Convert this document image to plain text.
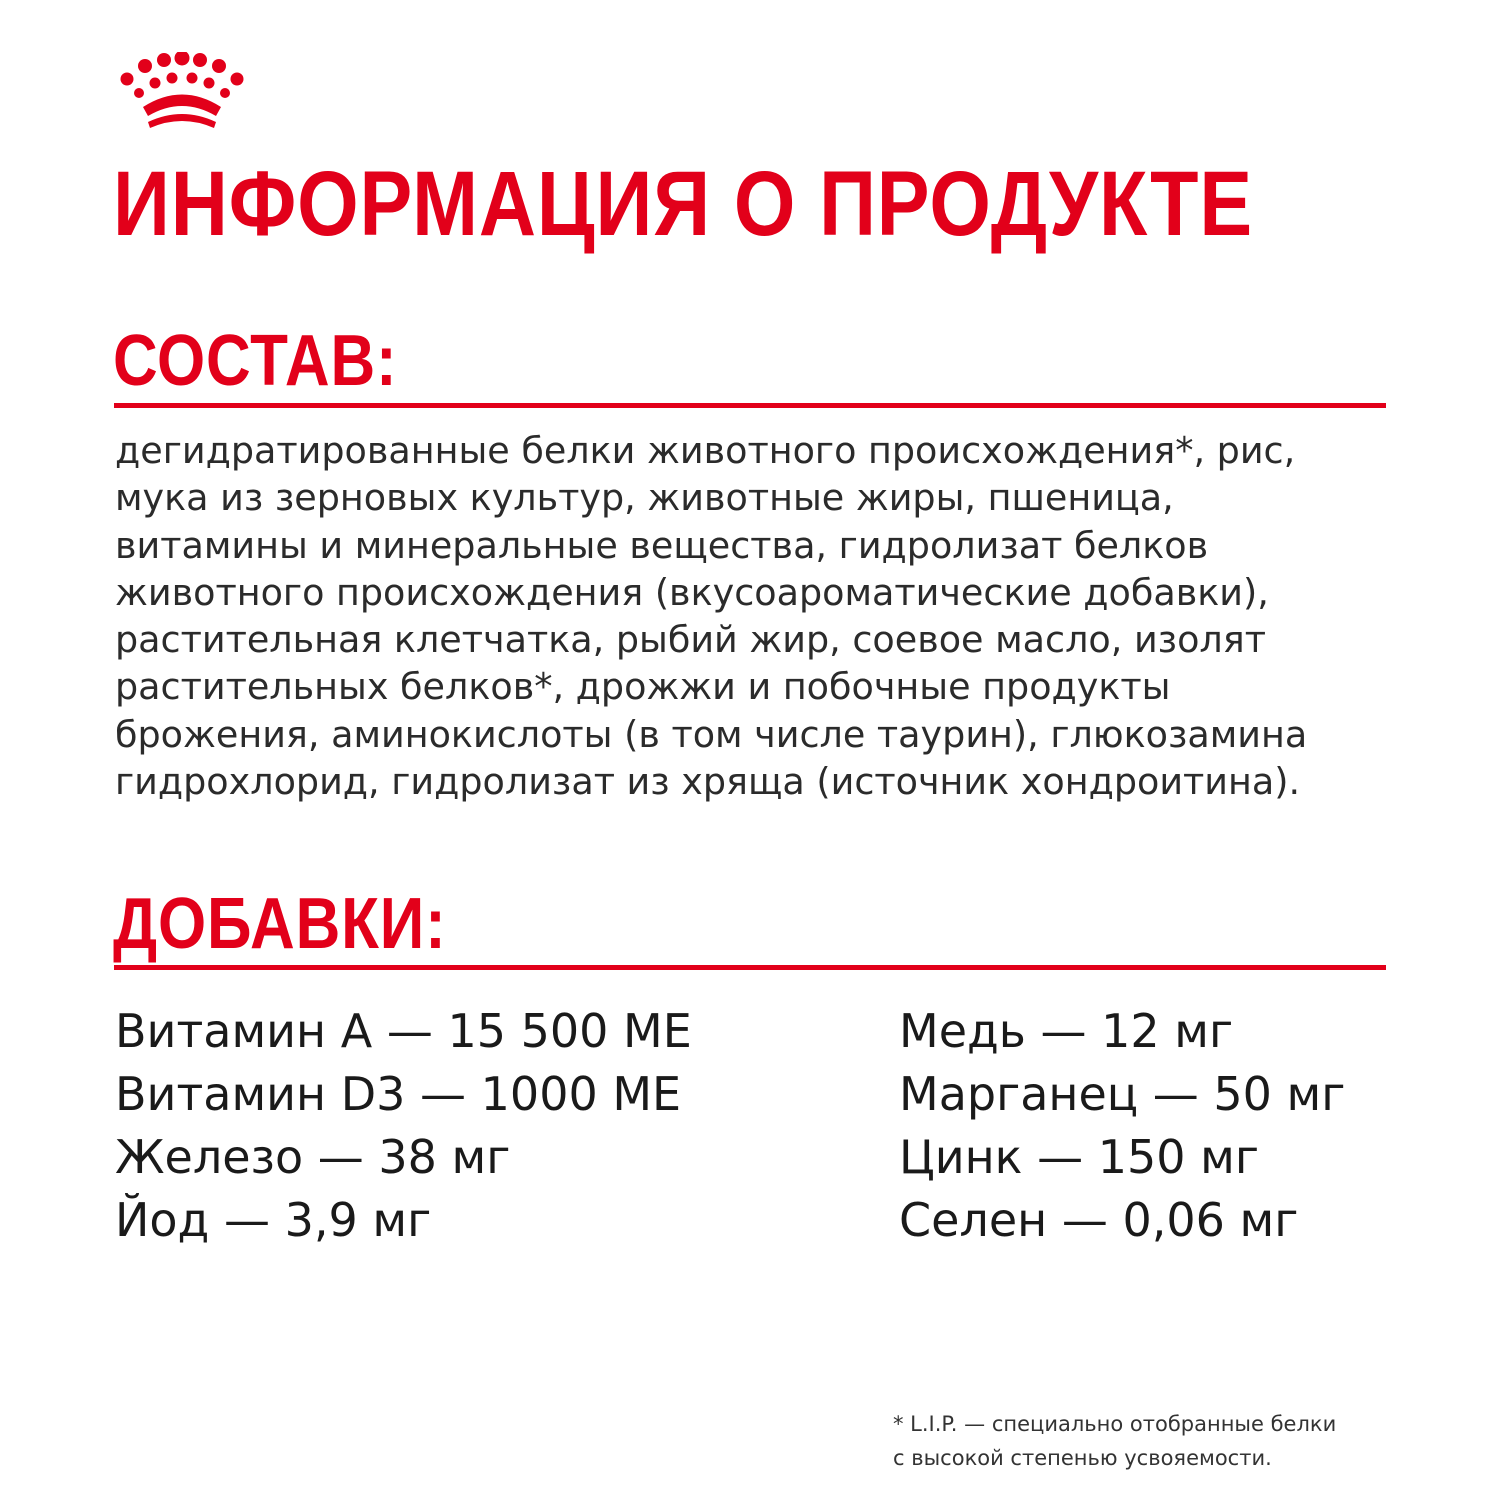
ИНФОРМАЦИЯ О ПРОДУКТЕ
СОСТАВ:

дегидратированные белки животного происхождения*, рис,
мука из зерновых культур, животные жиры, пшеница,
витамины и минеральные вещества, гидролизат белков
животного происхождения (вкусоароматические добавки),
растительная клетчатка, рыбий жир, соевое масло, изолят
растительных белков*, дрожжи и побочные продукты
брожения, аминокислоты (в том числе таурин), глюкозамина
гидрохлорид, гидролизат из хряща (источник хондроитина).

ДОБАВКИ:
Витамин A — 15 500 МЕ
Витамин D3 — 1000 МЕ
Железо — 38 мг
Йод — 3,9 мг
Медь — 12 мг
Марганец — 50 мг
Цинк — 150 мг
Селен — 0,06 мг

* L.I.P. — специально отобранные белки
с высокой степенью усвояемости.
